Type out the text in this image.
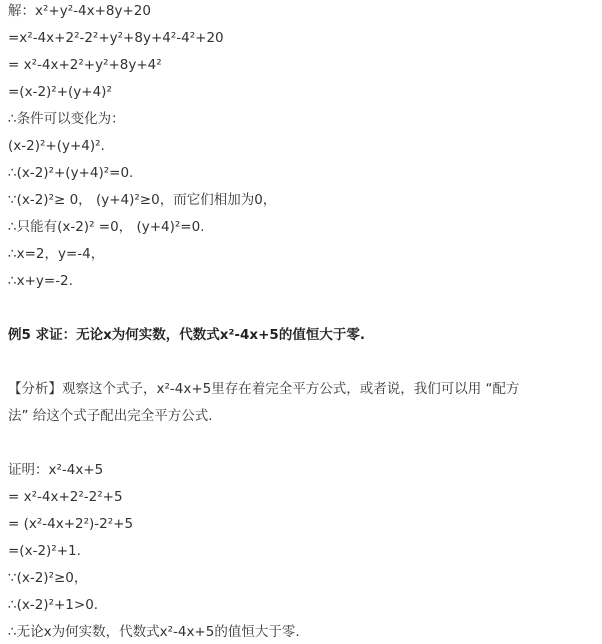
解：x²+y²-4x+8y+20
=x²-4x+2²-2²+y²+8y+4²-4²+20
= x²-4x+2²+y²+8y+4²
=(x-2)²+(y+4)²
∴条件可以变化为：
(x-2)²+(y+4)².
∴(x-2)²+(y+4)²=0.
∵(x-2)²≥ 0， (y+4)²≥0，而它们相加为0，
∴只能有(x-2)² =0， (y+4)²=0.
∴x=2，y=-4，
∴x+y=-2.
例5 求证：无论x为何实数，代数式x²-4x+5的值恒大于零.
【分析】观察这个式子，x²-4x+5里存在着完全平方公式，或者说，我们可以用 “配方
法” 给这个式子配出完全平方公式.
证明：x²-4x+5
= x²-4x+2²-2²+5
= (x²-4x+2²)-2²+5
=(x-2)²+1.
∵(x-2)²≥0，
∴(x-2)²+1>0.
∴无论x为何实数，代数式x²-4x+5的值恒大于零.
